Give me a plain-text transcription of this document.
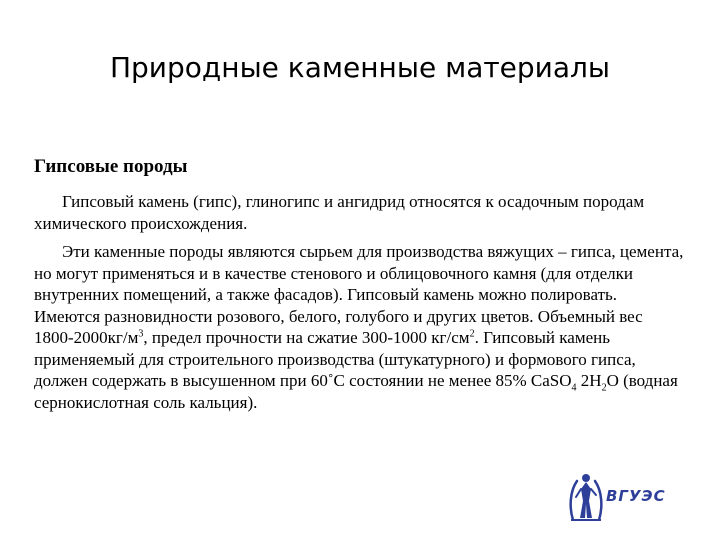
Природные каменные материалы
Гипсовые породы

Гипсовый камень (гипс), глиногипс и ангидрид относятся к осадочным породам химического происхождения.

Эти каменные породы являются сырьем для производства вяжущих – гипса, цемента, но могут применяться и в качестве стенового и облицовочного камня (для отделки внутренних помещений, а также фасадов). Гипсовый камень можно полировать. Имеются разновидности розового, белого, голубого и других цветов. Объемный вес $1800-2000кг/м^3$, предел прочности на сжатие 300-1000 $кг/см^2$. Гипсовый камень применяемый для строительного производства (штукатурного) и формового гипса, должен содержать в высушенном при 60˚С состоянии не менее 85% CaSO$_4$ $2H_2O$ (водная сернокислотная соль кальция).

ВГУЭС
